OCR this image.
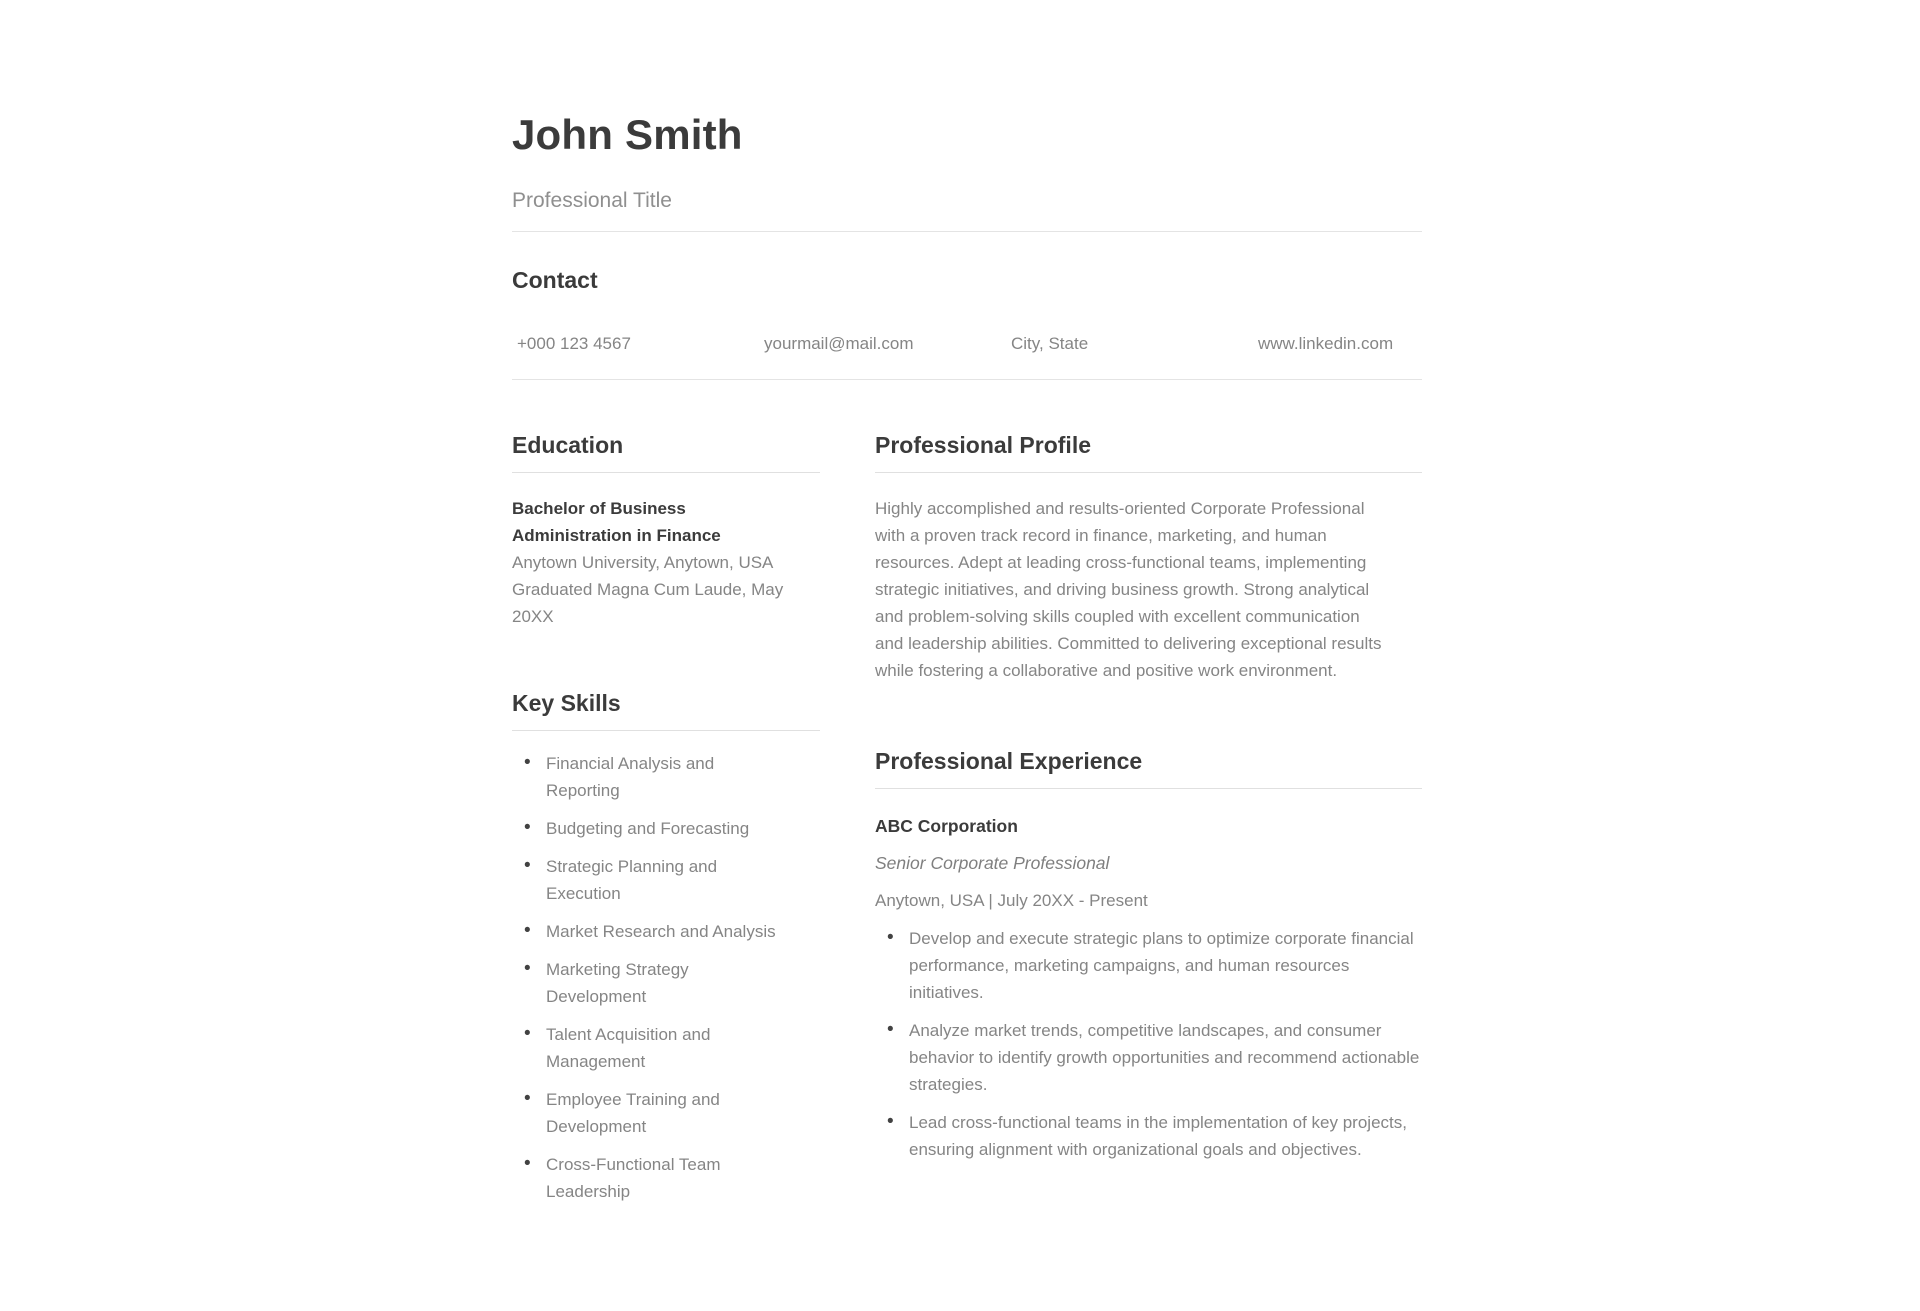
John Smith
Professional Title
Contact
+000 123 4567	yourmail@mail.com	City, State	www.linkedin.com
Education
Bachelor of Business Administration in Finance
Anytown University, Anytown, USA
Graduated Magna Cum Laude, May 20XX
Key Skills
• Financial Analysis and Reporting
• Budgeting and Forecasting
• Strategic Planning and Execution
• Market Research and Analysis
• Marketing Strategy Development
• Talent Acquisition and Management
• Employee Training and Development
• Cross-Functional Team Leadership
Professional Profile
Highly accomplished and results-oriented Corporate Professional with a proven track record in finance, marketing, and human resources. Adept at leading cross-functional teams, implementing strategic initiatives, and driving business growth. Strong analytical and problem-solving skills coupled with excellent communication and leadership abilities. Committed to delivering exceptional results while fostering a collaborative and positive work environment.
Professional Experience
ABC Corporation
Senior Corporate Professional
Anytown, USA | July 20XX - Present
• Develop and execute strategic plans to optimize corporate financial performance, marketing campaigns, and human resources initiatives.
• Analyze market trends, competitive landscapes, and consumer behavior to identify growth opportunities and recommend actionable strategies.
• Lead cross-functional teams in the implementation of key projects, ensuring alignment with organizational goals and objectives.
